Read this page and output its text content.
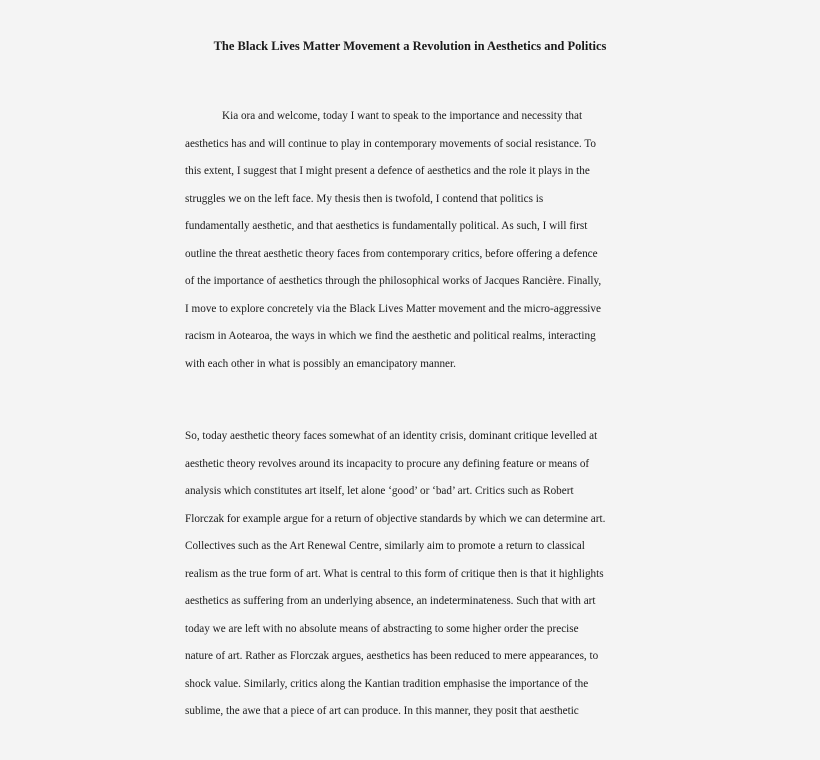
The Black Lives Matter Movement a Revolution in Aesthetics and Politics
Kia ora and welcome, today I want to speak to the importance and necessity that
aesthetics has and will continue to play in contemporary movements of social resistance. To
this extent, I suggest that I might present a defence of aesthetics and the role it plays in the
struggles we on the left face. My thesis then is twofold, I contend that politics is
fundamentally aesthetic, and that aesthetics is fundamentally political. As such, I will first
outline the threat aesthetic theory faces from contemporary critics, before offering a defence
of the importance of aesthetics through the philosophical works of Jacques Rancière. Finally,
I move to explore concretely via the Black Lives Matter movement and the micro-aggressive
racism in Aotearoa, the ways in which we find the aesthetic and political realms, interacting
with each other in what is possibly an emancipatory manner.
So, today aesthetic theory faces somewhat of an identity crisis, dominant critique levelled at
aesthetic theory revolves around its incapacity to procure any defining feature or means of
analysis which constitutes art itself, let alone ‘good’ or ‘bad’ art. Critics such as Robert
Florczak for example argue for a return of objective standards by which we can determine art.
Collectives such as the Art Renewal Centre, similarly aim to promote a return to classical
realism as the true form of art. What is central to this form of critique then is that it highlights
aesthetics as suffering from an underlying absence, an indeterminateness. Such that with art
today we are left with no absolute means of abstracting to some higher order the precise
nature of art. Rather as Florczak argues, aesthetics has been reduced to mere appearances, to
shock value. Similarly, critics along the Kantian tradition emphasise the importance of the
sublime, the awe that a piece of art can produce. In this manner, they posit that aesthetic
